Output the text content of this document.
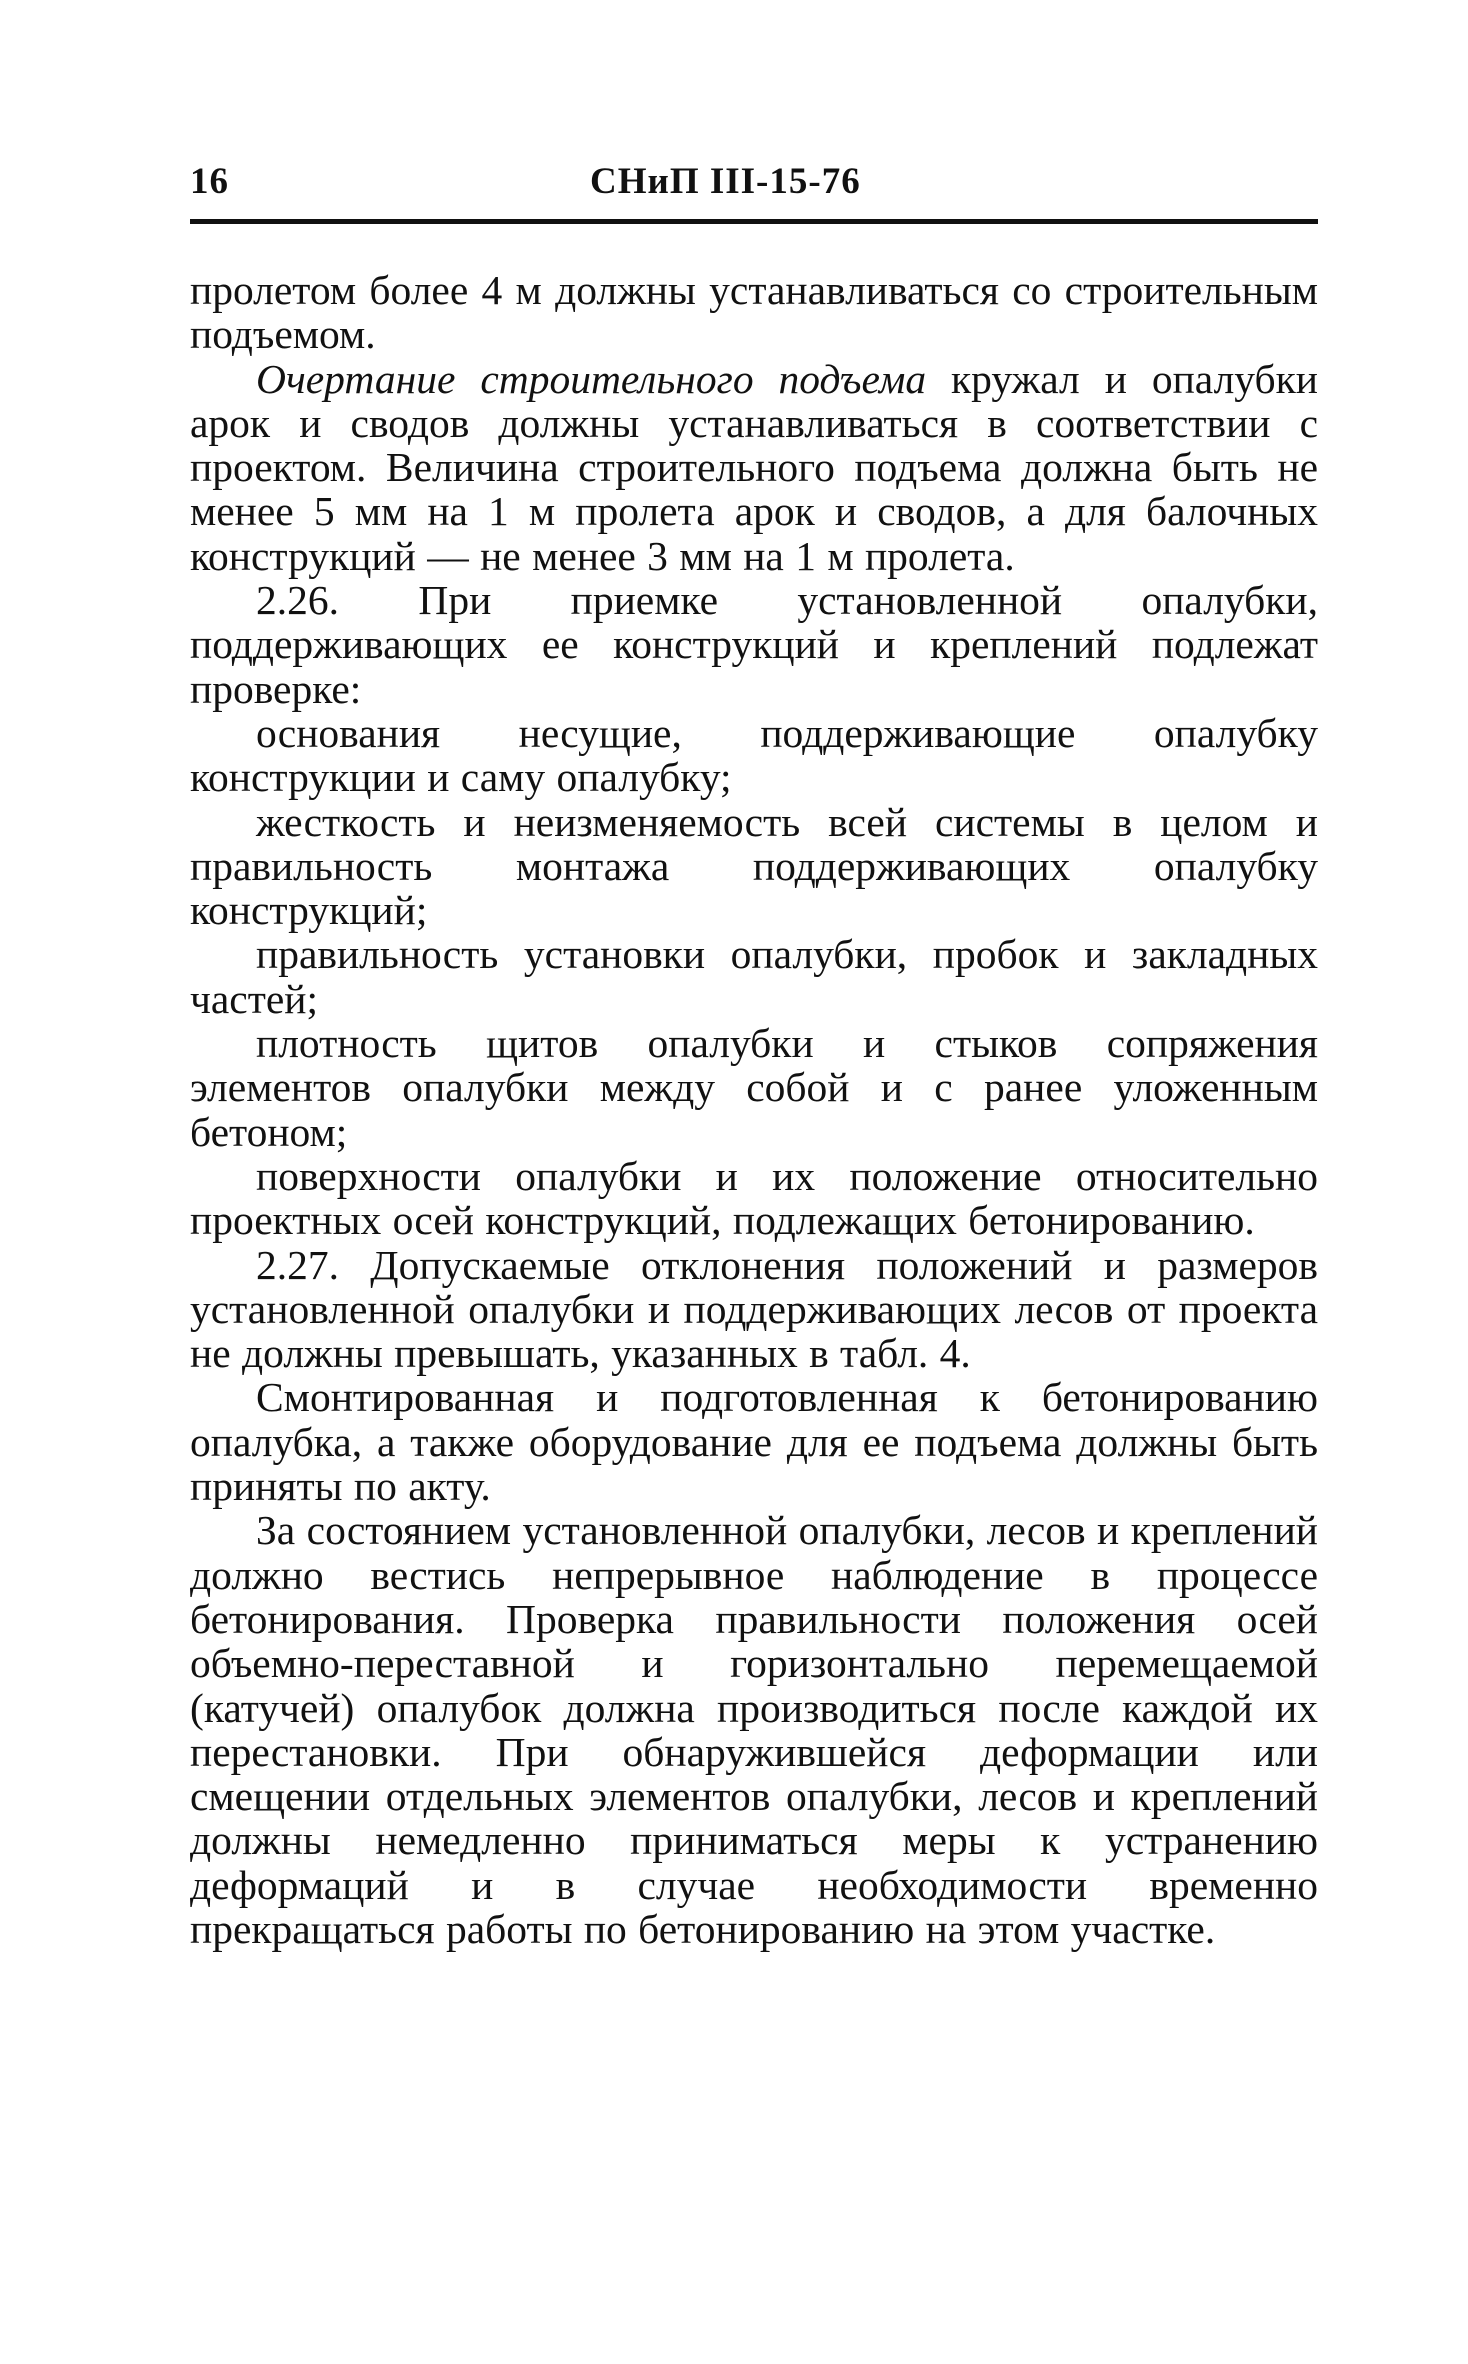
16	СНиП III-15-76

пролетом более 4 м должны устанавливаться со строительным подъемом.

Очертание строительного подъема кружал и опалубки арок и сводов должны устанавливаться в соответствии с проектом. Величина строительного подъема должна быть не менее 5 мм на 1 м пролета арок и сводов, а для балочных конструкций — не менее 3 мм на 1 м пролета.

2.26. При приемке установленной опалубки, поддерживающих ее конструкций и креплений подлежат проверке:

основания несущие, поддерживающие опалубку конструкции и саму опалубку;

жесткость и неизменяемость всей системы в целом и правильность монтажа поддерживающих опалубку конструкций;

правильность установки опалубки, пробок и закладных частей;

плотность щитов опалубки и стыков сопряжения элементов опалубки между собой и с ранее уложенным бетоном;

поверхности опалубки и их положение относительно проектных осей конструкций, подлежащих бетонированию.

2.27. Допускаемые отклонения положений и размеров установленной опалубки и поддерживающих лесов от проекта не должны превышать, указанных в табл. 4.

Смонтированная и подготовленная к бетонированию опалубка, а также оборудование для ее подъема должны быть приняты по акту.

За состоянием установленной опалубки, лесов и креплений должно вестись непрерывное наблюдение в процессе бетонирования. Проверка правильности положения осей объемно-переставной и горизонтально перемещаемой (катучей) опалубок должна производиться после каждой их перестановки. При обнаружившейся деформации или смещении отдельных элементов опалубки, лесов и креплений должны немедленно приниматься меры к устранению деформаций и в случае необходимости временно прекращаться работы по бетонированию на этом участке.
